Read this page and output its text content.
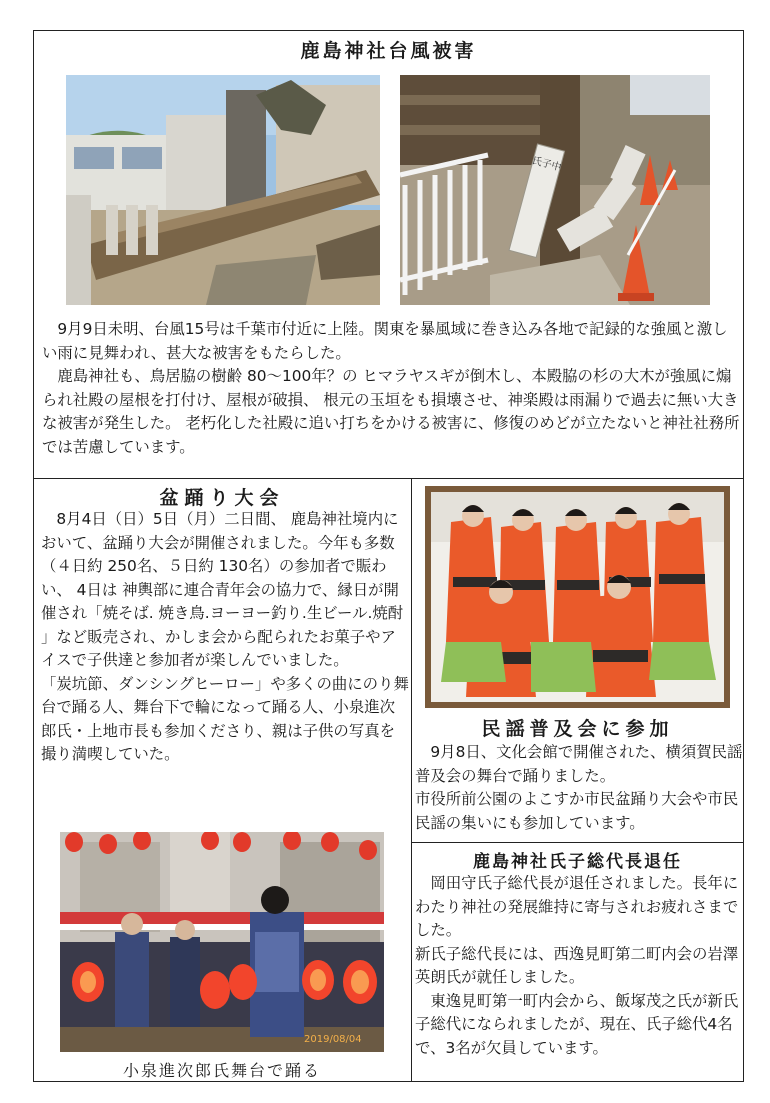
鹿島神社台風被害
氏子中

9月9日未明、台風15号は千葉市付近に上陸。関東を暴風域に巻き込み各地で記録的な強風と激しい雨に見舞われ、甚大な被害をもたらした。

鹿島神社も、鳥居脇の樹齢 80～100年？の ヒマラヤスギが倒木し、本殿脇の杉の大木が強風に煽られ社殿の屋根を打付け、屋根が破損、 根元の玉垣をも損壊させ、神楽殿は雨漏りで過去に無い大きな被害が発生した。 老朽化した社殿に追い打ちをかける被害に、修復のめどが立たないと神社社務所では苦慮しています。

盆踊り大会

8月4日（日）5日（月）二日間、 鹿島神社境内において、盆踊り大会が開催されました。今年も多数（４日約 250名、５日約 130名）の参加者で賑わい、 4日は 神輿部に連合青年会の協力で、縁日が開催され「焼そば. 焼き鳥.ヨーヨー釣り.生ビール.焼酎 」など販売され、かしま会から配られたお菓子やアイスで子供達と参加者が楽しんでいました。

「炭坑節、ダンシングヒーロー」や多くの曲にのり舞台で踊る人、舞台下で輪になって踊る人、小泉進次郎氏・上地市長も参加くださり、親は子供の写真を撮り満喫していた。

2019/08/04
小泉進次郎氏舞台で踊る
民謡普及会に参加

9月8日、文化会館で開催された、横須賀民謡普及会の舞台で踊りました。

市役所前公園のよこすか市民盆踊り大会や市民民謡の集いにも参加しています。

鹿島神社氏子総代長退任

岡田守氏子総代長が退任されました。長年にわたり神社の発展維持に寄与されお疲れさまでした。

新氏子総代長には、西逸見町第二町内会の岩澤英朗氏が就任しました。

東逸見町第一町内会から、飯塚茂之氏が新氏子総代になられましたが、現在、氏子総代4名で、3名が欠員しています。
